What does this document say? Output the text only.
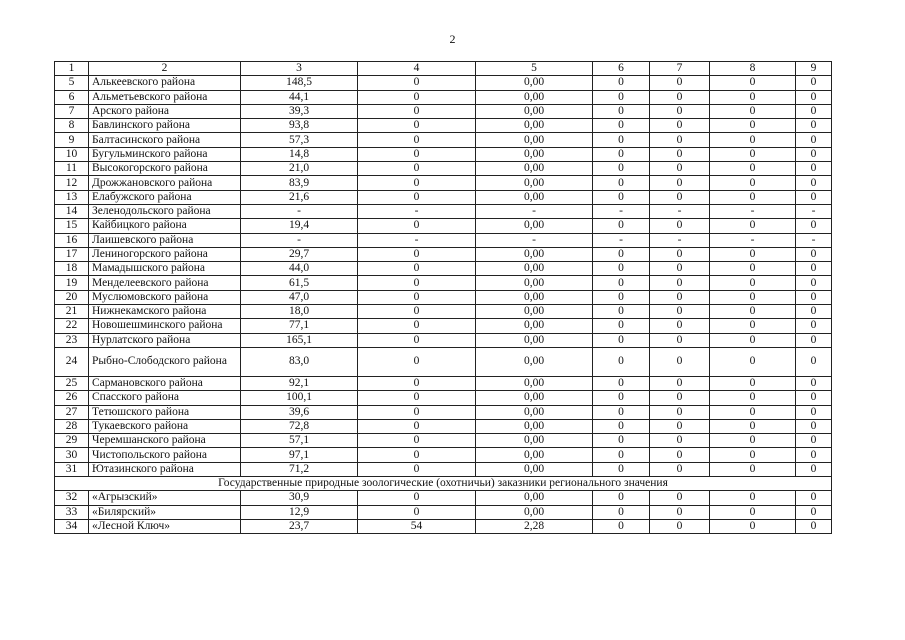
2
1	2	3	4	5	6	7	8	9
5	Алькеевского района	148,5	0	0,00	0	0	0	0
6	Альметьевского района	44,1	0	0,00	0	0	0	0
7	Арского района	39,3	0	0,00	0	0	0	0
8	Бавлинского района	93,8	0	0,00	0	0	0	0
9	Балтасинского района	57,3	0	0,00	0	0	0	0
10	Бугульминского района	14,8	0	0,00	0	0	0	0
11	Высокогорского района	21,0	0	0,00	0	0	0	0
12	Дрожжановского района	83,9	0	0,00	0	0	0	0
13	Елабужского района	21,6	0	0,00	0	0	0	0
14	Зеленодольского района	-	-	-	-	-	-	-
15	Кайбицкого района	19,4	0	0,00	0	0	0	0
16	Лаишевского района	-	-	-	-	-	-	-
17	Лениногорского района	29,7	0	0,00	0	0	0	0
18	Мамадышского района	44,0	0	0,00	0	0	0	0
19	Менделеевского района	61,5	0	0,00	0	0	0	0
20	Муслюмовского района	47,0	0	0,00	0	0	0	0
21	Нижнекамского района	18,0	0	0,00	0	0	0	0
22	Новошешминского района	77,1	0	0,00	0	0	0	0
23	Нурлатского района	165,1	0	0,00	0	0	0	0
24	Рыбно-Слободского района	83,0	0	0,00	0	0	0	0
25	Сармановского района	92,1	0	0,00	0	0	0	0
26	Спасского района	100,1	0	0,00	0	0	0	0
27	Тетюшского района	39,6	0	0,00	0	0	0	0
28	Тукаевского района	72,8	0	0,00	0	0	0	0
29	Черемшанского района	57,1	0	0,00	0	0	0	0
30	Чистопольского района	97,1	0	0,00	0	0	0	0
31	Ютазинского района	71,2	0	0,00	0	0	0	0
Государственные природные зоологические (охотничьи) заказники регионального значения								
32	«Агрызский»	30,9	0	0,00	0	0	0	0
33	«Билярский»	12,9	0	0,00	0	0	0	0
34	«Лесной Ключ»	23,7	54	2,28	0	0	0	0
